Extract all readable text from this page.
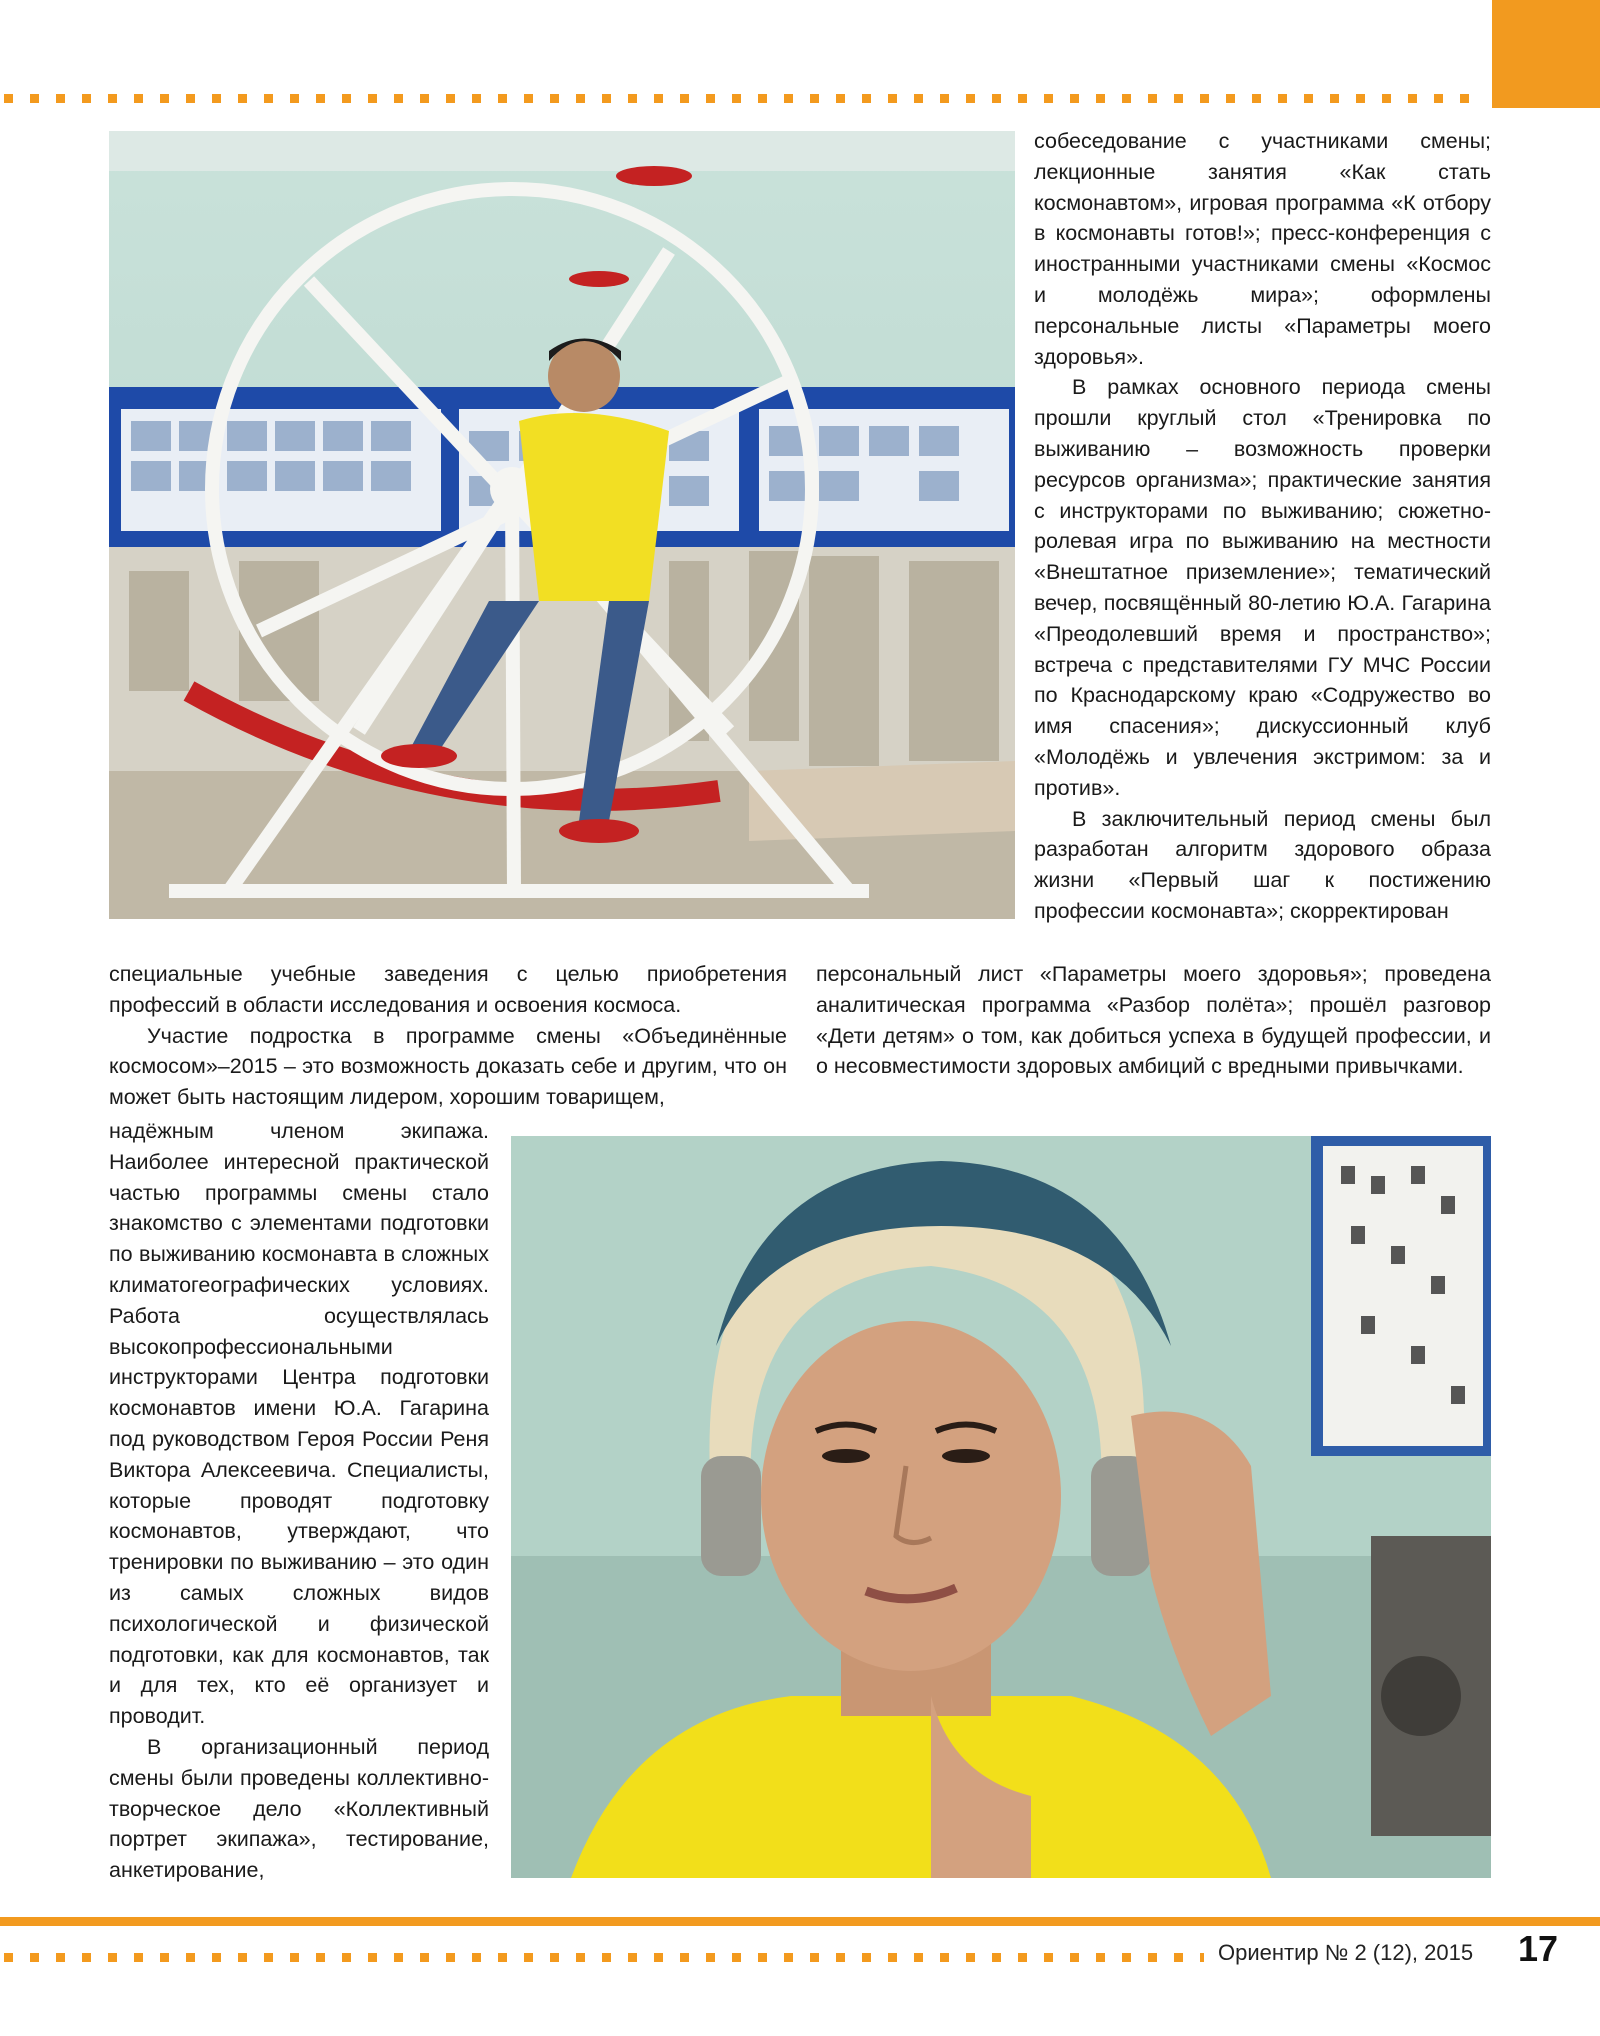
собеседование с участниками смены; лекционные занятия «Как стать космонавтом», игровая программа «К отбору в космонавты готов!»; пресс-конференция с иностранными участниками смены «Космос и молодёжь мира»; оформлены персональные листы «Параметры моего здоровья».

В рамках основного периода смены прошли круглый стол «Тренировка по выживанию – возможность проверки ресурсов организма»; практические занятия с инструкторами по выживанию; сюжетно-ролевая игра по выживанию на местности «Внештатное приземление»; тематический вечер, посвящённый 80-летию Ю.А. Гагарина «Преодолевший время и пространство»; встреча с представителями ГУ МЧС России по Краснодарскому краю «Содружество во имя спасения»; дискуссионный клуб «Молодёжь и увлечения экстримом: за и против».

В заключительный период смены был разработан алгоритм здорового образа жизни «Первый шаг к постижению профессии космонавта»; скорректирован

специальные учебные заведения с целью приобретения профессий в области исследования и освоения космоса.

Участие подростка в программе смены «Объединённые космосом»–2015 – это возможность доказать себе и другим, что он может быть настоящим лидером, хорошим товарищем,

персональный лист «Параметры моего здоровья»; проведена аналитическая программа «Разбор полёта»; прошёл разговор «Дети детям» о том, как добиться успеха в будущей профессии, и о несовместимости здоровых амбиций с вредными привычками.

надёжным членом экипажа. Наиболее интересной практической частью программы смены стало знакомство с элементами подготовки по выживанию космонавта в сложных климатогеографических условиях. Работа осуществлялась высокопрофессиональными инструкторами Центра подготовки космонавтов имени Ю.А. Гагарина под руководством Героя России Реня Виктора Алексеевича. Специалисты, которые проводят подготовку космонавтов, утверждают, что тренировки по выживанию – это один из самых сложных видов психологической и физической подготовки, как для космонавтов, так и для тех, кто её организует и проводит.

В организационный период смены были проведены коллективно-творческое дело «Коллективный портрет экипажа», тестирование, анкетирование,

Ориентир № 2 (12), 2015 17
